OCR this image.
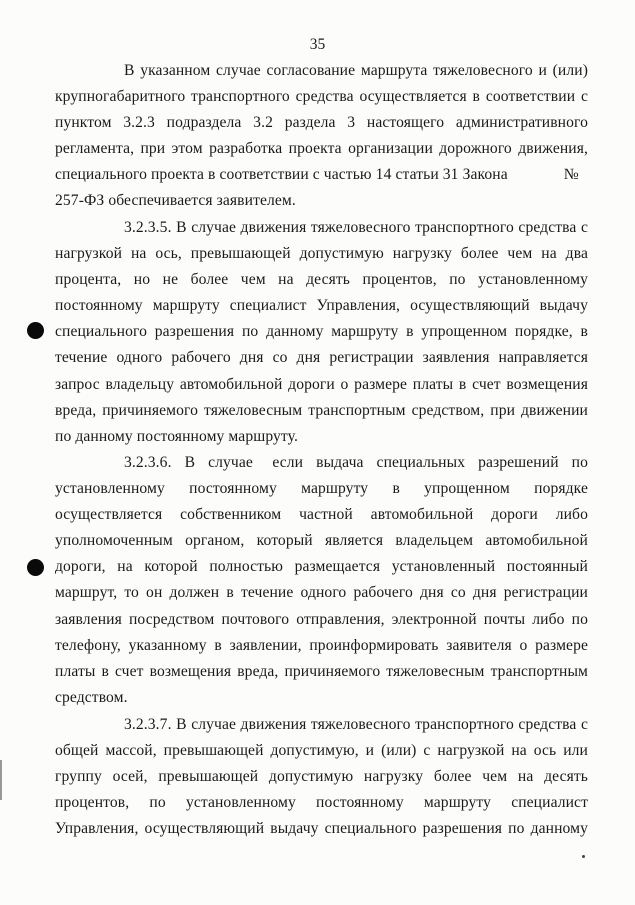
35

В указанном случае согласование маршрута тяжеловесного и (или)
крупногабаритного транспортного средства осуществляется в соответствии с
пунктом 3.2.3 подраздела 3.2 раздела 3 настоящего административного
регламента, при этом разработка проекта организации дорожного движения,
специального проекта в соответствии с частью 14 статьи 31 Закона              №
257-ФЗ обеспечивается заявителем.

3.2.3.5. В случае движения тяжеловесного транспортного средства с
нагрузкой на ось, превышающей допустимую нагрузку более чем на два
процента, но не более чем на десять процентов, по установленному
постоянному маршруту специалист Управления, осуществляющий выдачу
специального разрешения по данному маршруту в упрощенном порядке, в
течение одного рабочего дня со дня регистрации заявления направляется
запрос владельцу автомобильной дороги о размере платы в счет возмещения
вреда, причиняемого тяжеловесным транспортным средством, при движении
по данному постоянному маршруту.

3.2.3.6.  В  случае   если  выдача  специальных  разрешений  по
установленному  постоянному  маршруту  в  упрощенном  порядке
осуществляется собственником частной автомобильной дороги либо
уполномоченным органом, который является владельцем автомобильной
дороги, на которой полностью размещается установленный постоянный
маршрут, то он должен в течение одного рабочего дня со дня регистрации
заявления посредством почтового отправления, электронной почты либо по
телефону, указанному в заявлении, проинформировать заявителя о размере
платы в счет возмещения вреда, причиняемого тяжеловесным транспортным
средством.

3.2.3.7. В случае движения тяжеловесного транспортного средства с
общей массой, превышающей допустимую, и (или) с нагрузкой на ось или
группу осей, превышающей допустимую нагрузку более чем на десять
процентов,  по  установленному  постоянному  маршруту  специалист
Управления, осуществляющий выдачу специального разрешения по данному
